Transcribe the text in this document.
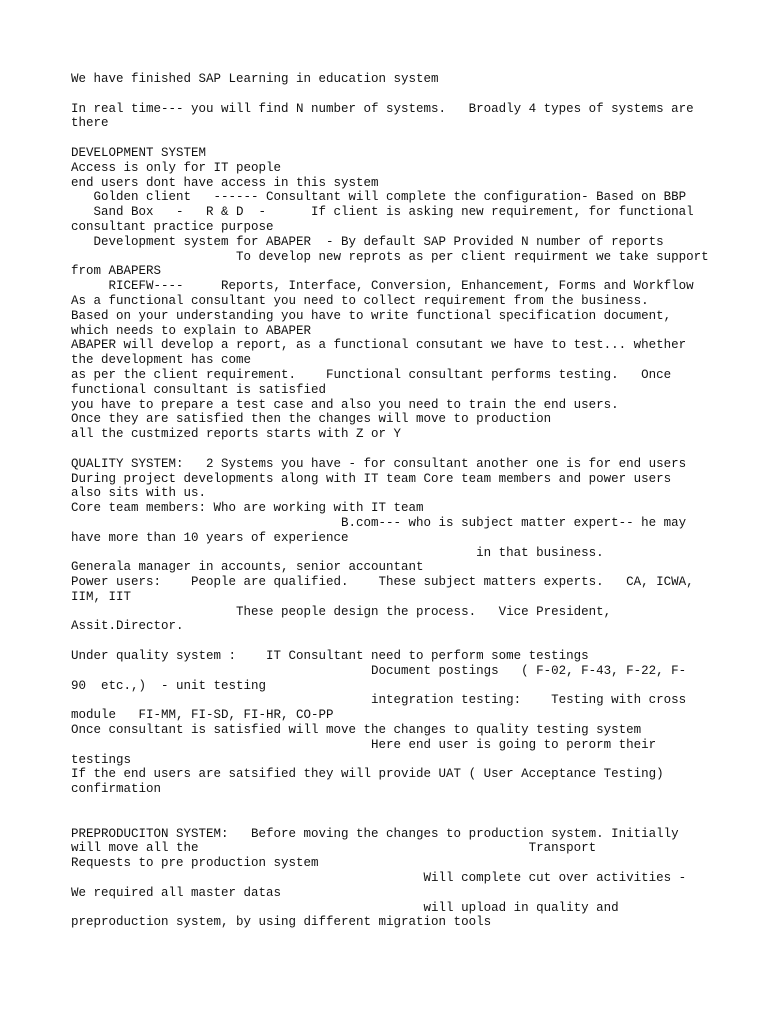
We have finished SAP Learning in education system
In real time--- you will find N number of systems.   Broadly 4 types of systems are
there
DEVELOPMENT SYSTEM
Access is only for IT people
end users dont have access in this system
Golden client   ------ Consultant will complete the configuration- Based on BBP
Sand Box   -   R & D  -      If client is asking new requirement, for functional
consultant practice purpose
Development system for ABAPER  - By default SAP Provided N number of reports
To develop new reprots as per client requirment we take support
from ABAPERS
RICEFW----     Reports, Interface, Conversion, Enhancement, Forms and Workflow
As a functional consultant you need to collect requirement from the business.
Based on your understanding you have to write functional specification document,
which needs to explain to ABAPER
ABAPER will develop a report, as a functional consutant we have to test... whether
the development has come
as per the client requirement.    Functional consultant performs testing.   Once
functional consultant is satisfied
you have to prepare a test case and also you need to train the end users.
Once they are satisfied then the changes will move to production
all the custmized reports starts with Z or Y
QUALITY SYSTEM:   2 Systems you have - for consultant another one is for end users
During project developments along with IT team Core team members and power users
also sits with us.
Core team members: Who are working with IT team
B.com--- who is subject matter expert-- he may
have more than 10 years of experience
in that business.
Generala manager in accounts, senior accountant
Power users:    People are qualified.    These subject matters experts.   CA, ICWA,
IIM, IIT
These people design the process.   Vice President,
Assit.Director.
Under quality system :    IT Consultant need to perform some testings
Document postings   ( F-02, F-43, F-22, F-
90  etc.,)  - unit testing
integration testing:    Testing with cross
module   FI-MM, FI-SD, FI-HR, CO-PP
Once consultant is satisfied will move the changes to quality testing system
Here end user is going to perorm their
testings
If the end users are satsified they will provide UAT ( User Acceptance Testing)
confirmation
PREPRODUCITON SYSTEM:   Before moving the changes to production system. Initially
will move all the                                            Transport
Requests to pre production system
Will complete cut over activities -
We required all master datas
will upload in quality and
preproduction system, by using different migration tools
